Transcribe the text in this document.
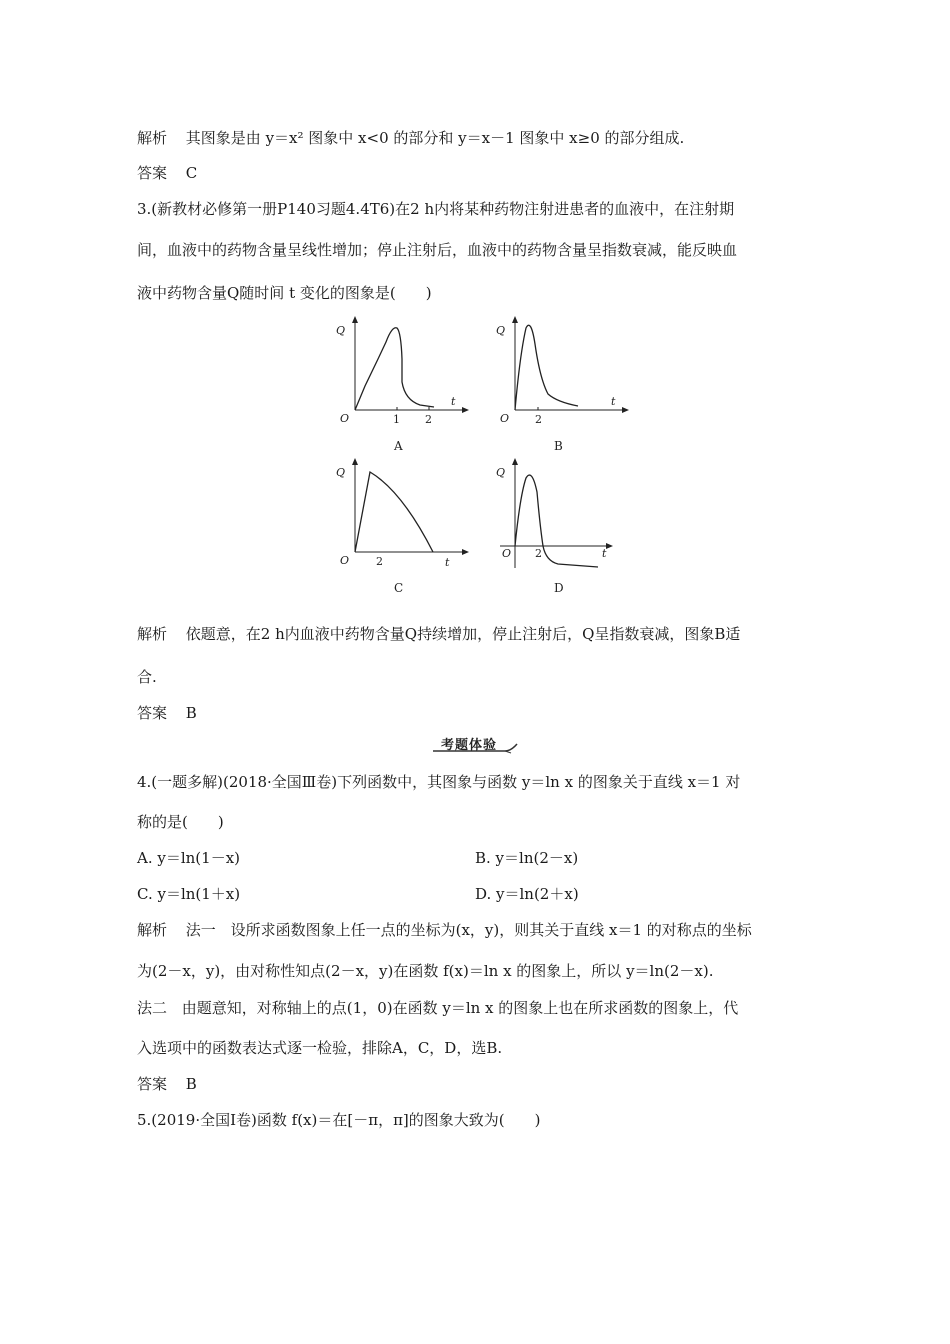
解析 其图象是由 y＝x² 图象中 x<0 的部分和 y＝x－1 图象中 x≥0 的部分组成.
答案 C
3.(新教材必修第一册P140习题4.4T6)在2 h内将某种药物注射进患者的血液中，在注射期
间，血液中的药物含量呈线性增加；停止注射后，血液中的药物含量呈指数衰减，能反映血
液中药物含量Q随时间 t 变化的图象是(　　)
Q
O	1 2
t
A
Q
O 2
t
B
Q
O 2	t
C
Q
O 2	t
D
解析 依题意，在2 h内血液中药物含量Q持续增加，停止注射后，Q呈指数衰减，图象B适
合.
答案 B
考题体验
4.(一题多解)(2018·全国Ⅲ卷)下列函数中，其图象与函数 y＝ln x 的图象关于直线 x＝1 对
称的是(　　)
A. y＝ln(1－x)	B. y＝ln(2－x)
C. y＝ln(1＋x)	D. y＝ln(2＋x)
解析 法一 设所求函数图象上任一点的坐标为(x，y)，则其关于直线 x＝1 的对称点的坐标
为(2－x，y)，由对称性知点(2－x，y)在函数 f(x)＝ln x 的图象上，所以 y＝ln(2－x).
法二 由题意知，对称轴上的点(1，0)在函数 y＝ln x 的图象上也在所求函数的图象上，代
入选项中的函数表达式逐一检验，排除A，C，D，选B.
答案 B
5.(2019·全国Ⅰ卷)函数 f(x)＝在[－π，π]的图象大致为(　　)
